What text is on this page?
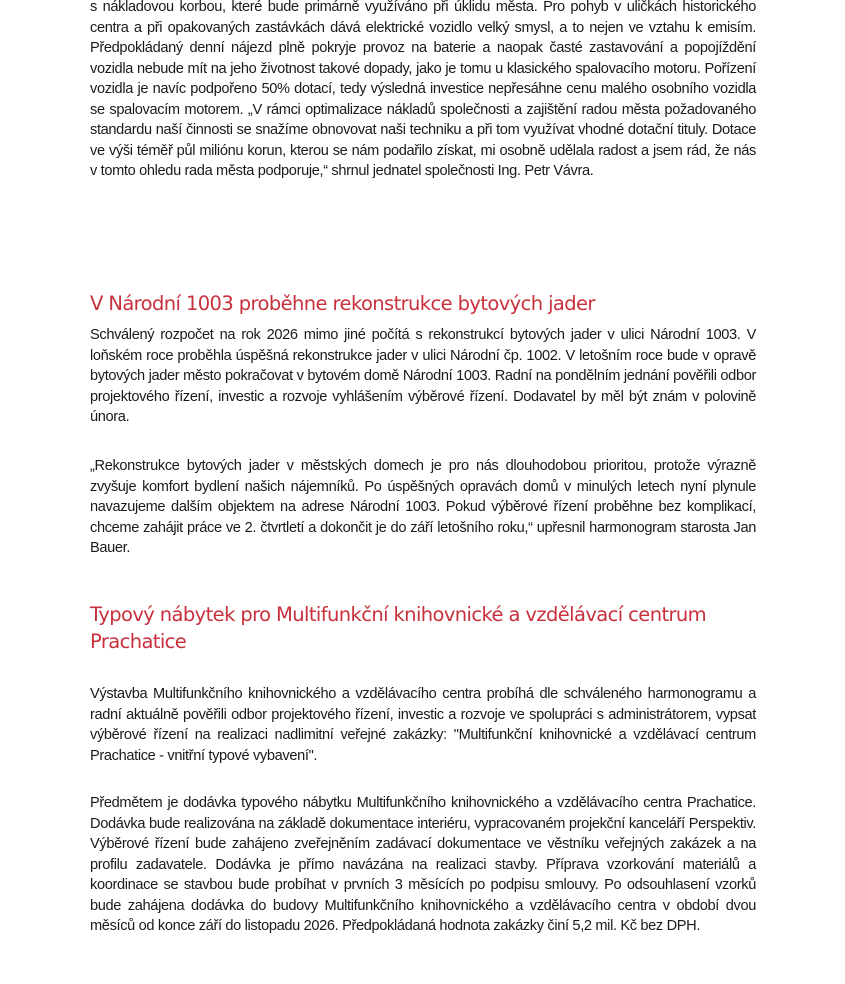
s nákladovou korbou, které bude primárně využíváno při úklidu města. Pro pohyb v uličkách historického centra a při opakovaných zastávkách dává elektrické vozidlo velký smysl, a to nejen ve vztahu k emisím. Předpokládaný denní nájezd plně pokryje provoz na baterie a naopak časté zastavování a popojíždění vozidla nebude mít na jeho životnost takové dopady, jako je tomu u klasického spalovacího motoru. Pořízení vozidla je navíc podpořeno 50% dotací, tedy výsledná investice nepřesáhne cenu malého osobního vozidla se spalovacím motorem. „V rámci optimalizace nákladů společnosti a zajištění radou města požadovaného standardu naší činnosti se snažíme obnovovat naši techniku a při tom využívat vhodné dotační tituly. Dotace ve výši téměř půl miliónu korun, kterou se nám podařilo získat, mi osobně udělala radost a jsem rád, že nás v tomto ohledu rada města podporuje,“ shrnul jednatel společnosti Ing. Petr Vávra.

V Národní 1003 proběhne rekonstrukce bytových jader

Schválený rozpočet na rok 2026 mimo jiné počítá s rekonstrukcí bytových jader v ulici Národní 1003. V loňském roce proběhla úspěšná rekonstrukce jader v ulici Národní čp. 1002. V letošním roce bude v opravě bytových jader město pokračovat v bytovém domě Národní 1003. Radní na pondělním jednání pověřili odbor projektového řízení, investic a rozvoje vyhlášením výběrové řízení. Dodavatel by měl být znám v polovině února.

„Rekonstrukce bytových jader v městských domech je pro nás dlouhodobou prioritou, protože výrazně zvyšuje komfort bydlení našich nájemníků. Po úspěšných opravách domů v minulých letech nyní plynule navazujeme dalším objektem na adrese Národní 1003. Pokud výběrové řízení proběhne bez komplikací, chceme zahájit práce ve 2. čtvrtletí a dokončit je do září letošního roku,“ upřesnil harmonogram starosta Jan Bauer.

Typový nábytek pro Multifunkční knihovnické a vzdělávací centrum Prachatice

Výstavba Multifunkčního knihovnického a vzdělávacího centra probíhá dle schváleného harmonogramu a radní aktuálně pověřili odbor projektového řízení, investic a rozvoje ve spolupráci s administrátorem, vypsat výběrové řízení na realizaci nadlimitní veřejné zakázky: "Multifunkční knihovnické a vzdělávací centrum Prachatice - vnitřní typové vybavení".

Předmětem je dodávka typového nábytku Multifunkčního knihovnického a vzdělávacího centra Prachatice. Dodávka bude realizována na základě dokumentace interiéru, vypracovaném projekční kanceláří Perspektiv. Výběrové řízení bude zahájeno zveřejněním zadávací dokumentace ve věstníku veřejných zakázek a na profilu zadavatele. Dodávka je přímo navázána na realizaci stavby. Příprava vzorkování materiálů a koordinace se stavbou bude probíhat v prvních 3 měsících po podpisu smlouvy. Po odsouhlasení vzorků bude zahájena dodávka do budovy Multifunkčního knihovnického a vzdělávacího centra v období dvou měsíců od konce září do listopadu 2026. Předpokládaná hodnota zakázky činí 5,2 mil. Kč bez DPH.
